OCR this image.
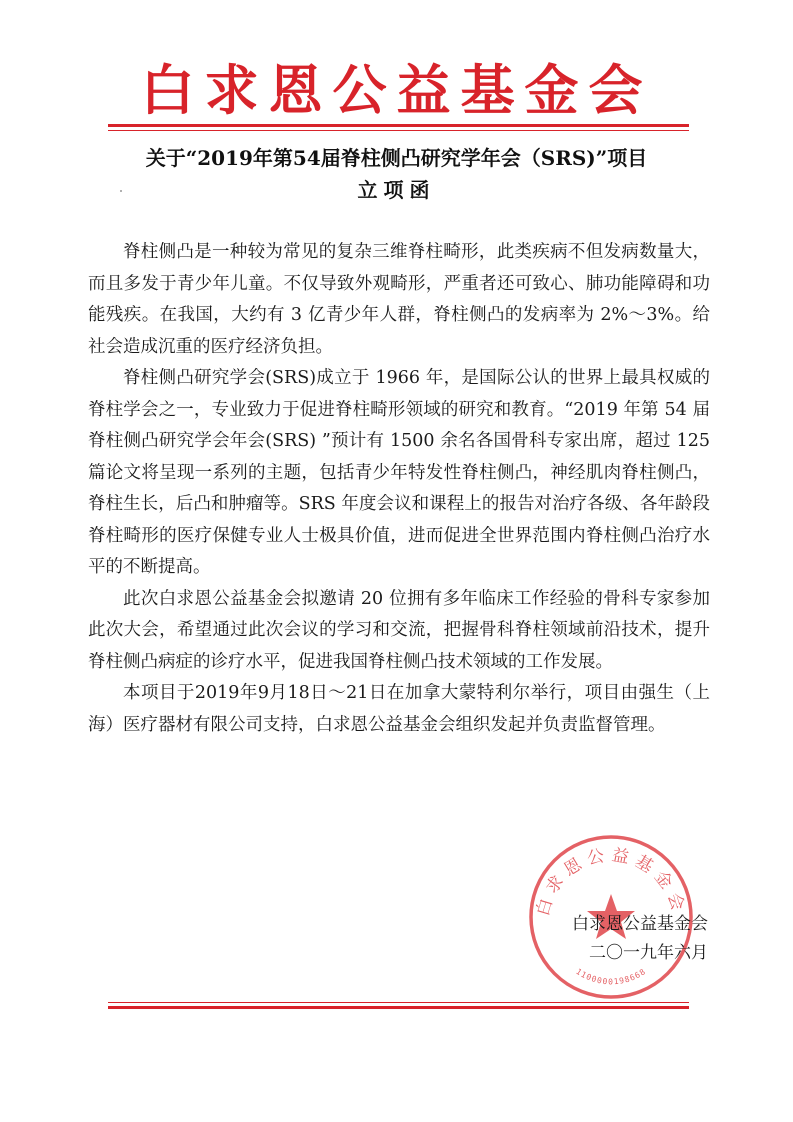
白求恩公益基金会
关于“2019年第54届脊柱侧凸研究学年会（SRS)”项目
立项函

脊柱侧凸是一种较为常见的复杂三维脊柱畸形，此类疾病不但发病数量大，而且多发于青少年儿童。不仅导致外观畸形，严重者还可致心、肺功能障碍和功能残疾。在我国，大约有 3 亿青少年人群，脊柱侧凸的发病率为 2%～3%。给社会造成沉重的医疗经济负担。

脊柱侧凸研究学会(SRS)成立于 1966 年，是国际公认的世界上最具权威的脊柱学会之一，专业致力于促进脊柱畸形领域的研究和教育。“2019 年第 54 届脊柱侧凸研究学会年会(SRS) ”预计有 1500 余名各国骨科专家出席，超过 125 篇论文将呈现一系列的主题，包括青少年特发性脊柱侧凸，神经肌肉脊柱侧凸，脊柱生长，后凸和肿瘤等。SRS 年度会议和课程上的报告对治疗各级、各年龄段脊柱畸形的医疗保健专业人士极具价值，进而促进全世界范围内脊柱侧凸治疗水平的不断提高。

此次白求恩公益基金会拟邀请 20 位拥有多年临床工作经验的骨科专家参加此次大会，希望通过此次会议的学习和交流，把握骨科脊柱领域前沿技术，提升脊柱侧凸病症的诊疗水平，促进我国脊柱侧凸技术领域的工作发展。

本项目于2019年9月18日～21日在加拿大蒙特利尔举行，项目由强生（上海）医疗器材有限公司支持，白求恩公益基金会组织发起并负责监督管理。

白求恩公益基金会
1100000198668
白求恩公益基金会
二〇一九年六月
